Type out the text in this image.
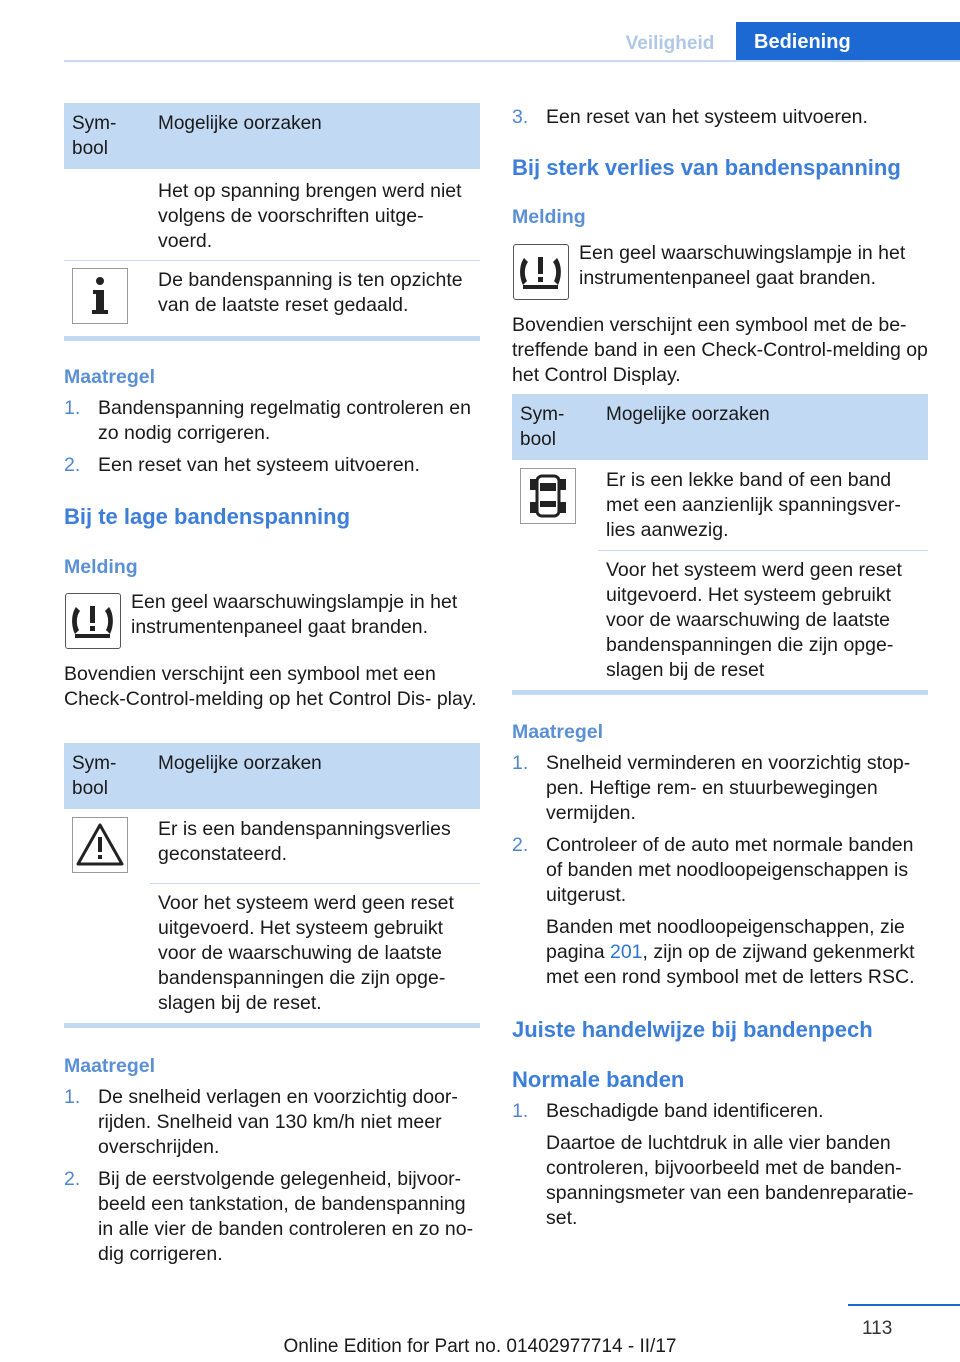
Veiligheid	Bediening
Sym‐
bool
Mogelijke oorzaken
Het op spanning brengen werd niet volgens de voorschriften uitge‐ voerd.
De bandenspanning is ten opzichte van de laatste reset gedaald.
Maatregel
1. Bandenspanning regelmatig controleren en zo nodig corrigeren.
2. Een reset van het systeem uitvoeren.
Bij te lage bandenspanning
Melding
Een geel waarschuwingslampje in het instrumentenpaneel gaat branden.
Bovendien verschijnt een symbool met een Check-Control-melding op het Control Dis‐ play.
Sym‐
bool
Mogelijke oorzaken
Er is een bandenspanningsverlies geconstateerd.
Voor het systeem werd geen reset uitgevoerd. Het systeem gebruikt voor de waarschuwing de laatste bandenspanningen die zijn opge‐ slagen bij de reset.
Maatregel
1. De snelheid verlagen en voorzichtig door‐ rijden. Snelheid van 130 km/h niet meer overschrijden.
2. Bij de eerstvolgende gelegenheid, bijvoor‐ beeld een tankstation, de bandenspanning in alle vier de banden controleren en zo no‐ dig corrigeren.
3. Een reset van het systeem uitvoeren.
Bij sterk verlies van bandenspanning
Melding
Een geel waarschuwingslampje in het instrumentenpaneel gaat branden.
Bovendien verschijnt een symbool met de be‐ treffende band in een Check-Control-melding op het Control Display.
Sym‐
bool
Mogelijke oorzaken
Er is een lekke band of een band met een aanzienlijk spanningsver‐ lies aanwezig.
Voor het systeem werd geen reset uitgevoerd. Het systeem gebruikt voor de waarschuwing de laatste bandenspanningen die zijn opge‐ slagen bij de reset
Maatregel
1. Snelheid verminderen en voorzichtig stop‐ pen. Heftige rem- en stuurbewegingen vermijden.
2. Controleer of de auto met normale banden of banden met noodloopeigenschappen is uitgerust.
Banden met noodloopeigenschappen, zie pagina 201, zijn op de zijwand gekenmerkt met een rond symbool met de letters RSC.
Juiste handelwijze bij bandenpech
Normale banden
1. Beschadigde band identificeren.
Daartoe de luchtdruk in alle vier banden controleren, bijvoorbeeld met de banden‐ spanningsmeter van een bandenreparatie‐ set.
113
Online Edition for Part no. 01402977714 - II/17
